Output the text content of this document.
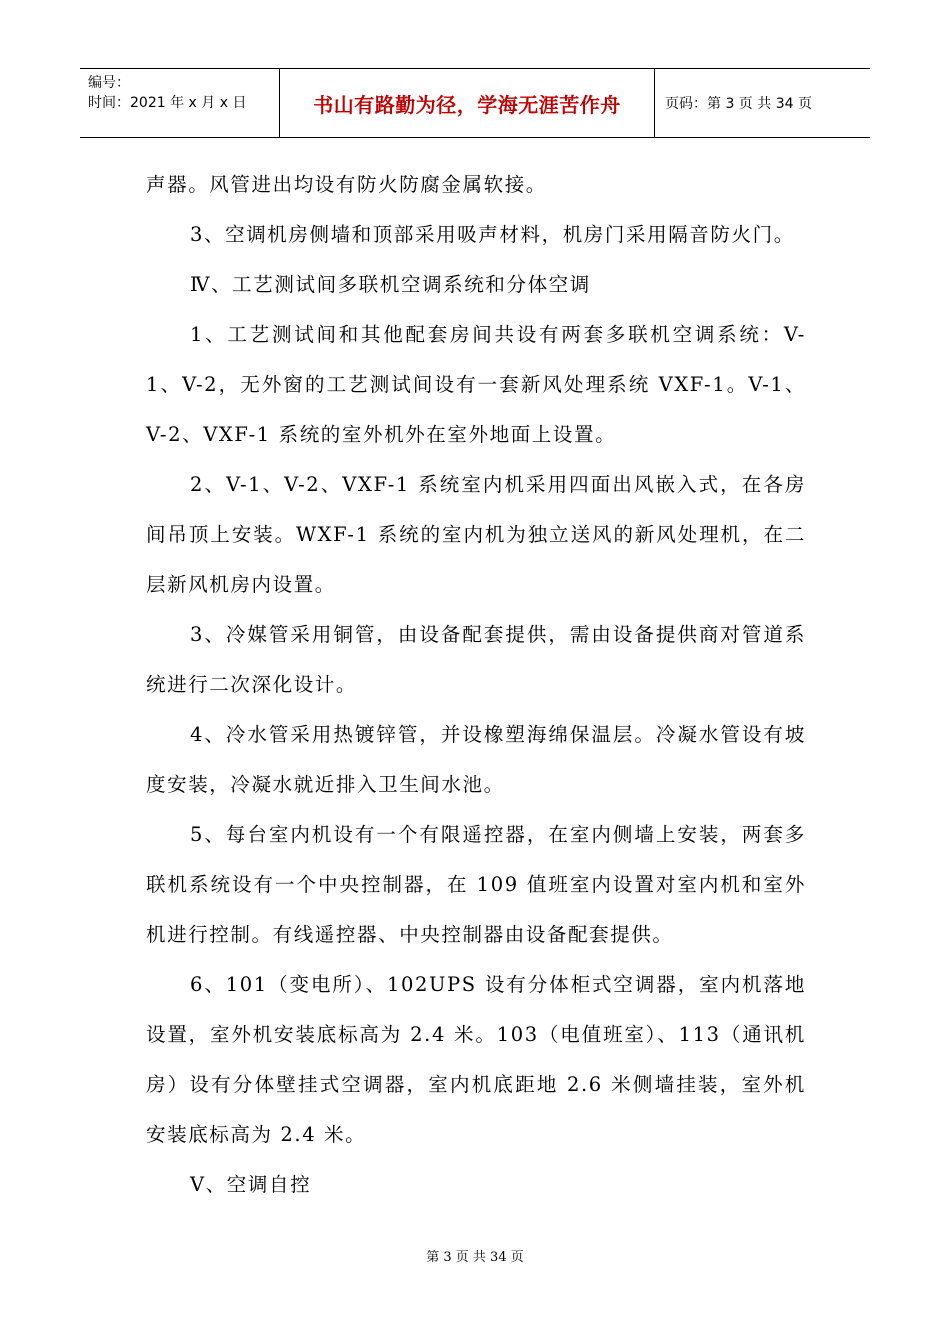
编号：
时间：2021 年 x 月 x 日	书山有路勤为径，学海无涯苦作舟	页码：第 3 页 共 34 页

声器。风管进出均设有防火防腐金属软接。

3、空调机房侧墙和顶部采用吸声材料，机房门采用隔音防火门。

Ⅳ、工艺测试间多联机空调系统和分体空调

1、工艺测试间和其他配套房间共设有两套多联机空调系统：V-1、V-2，无外窗的工艺测试间设有一套新风处理系统 VXF-1。V-1、V-2、VXF-1 系统的室外机外在室外地面上设置。

2、V-1、V-2、VXF-1 系统室内机采用四面出风嵌入式，在各房间吊顶上安装。WXF-1 系统的室内机为独立送风的新风处理机，在二层新风机房内设置。

3、冷媒管采用铜管，由设备配套提供，需由设备提供商对管道系统进行二次深化设计。

4、冷水管采用热镀锌管，并设橡塑海绵保温层。冷凝水管设有坡度安装，冷凝水就近排入卫生间水池。

5、每台室内机设有一个有限遥控器，在室内侧墙上安装，两套多联机系统设有一个中央控制器，在 109 值班室内设置对室内机和室外机进行控制。有线遥控器、中央控制器由设备配套提供。

6、101（变电所）、102UPS 设有分体柜式空调器，室内机落地设置，室外机安装底标高为 2.4 米。103（电值班室）、113（通讯机房）设有分体壁挂式空调器，室内机底距地 2.6 米侧墙挂装，室外机安装底标高为 2.4 米。

Ⅴ、空调自控

第 3 页 共 34 页
